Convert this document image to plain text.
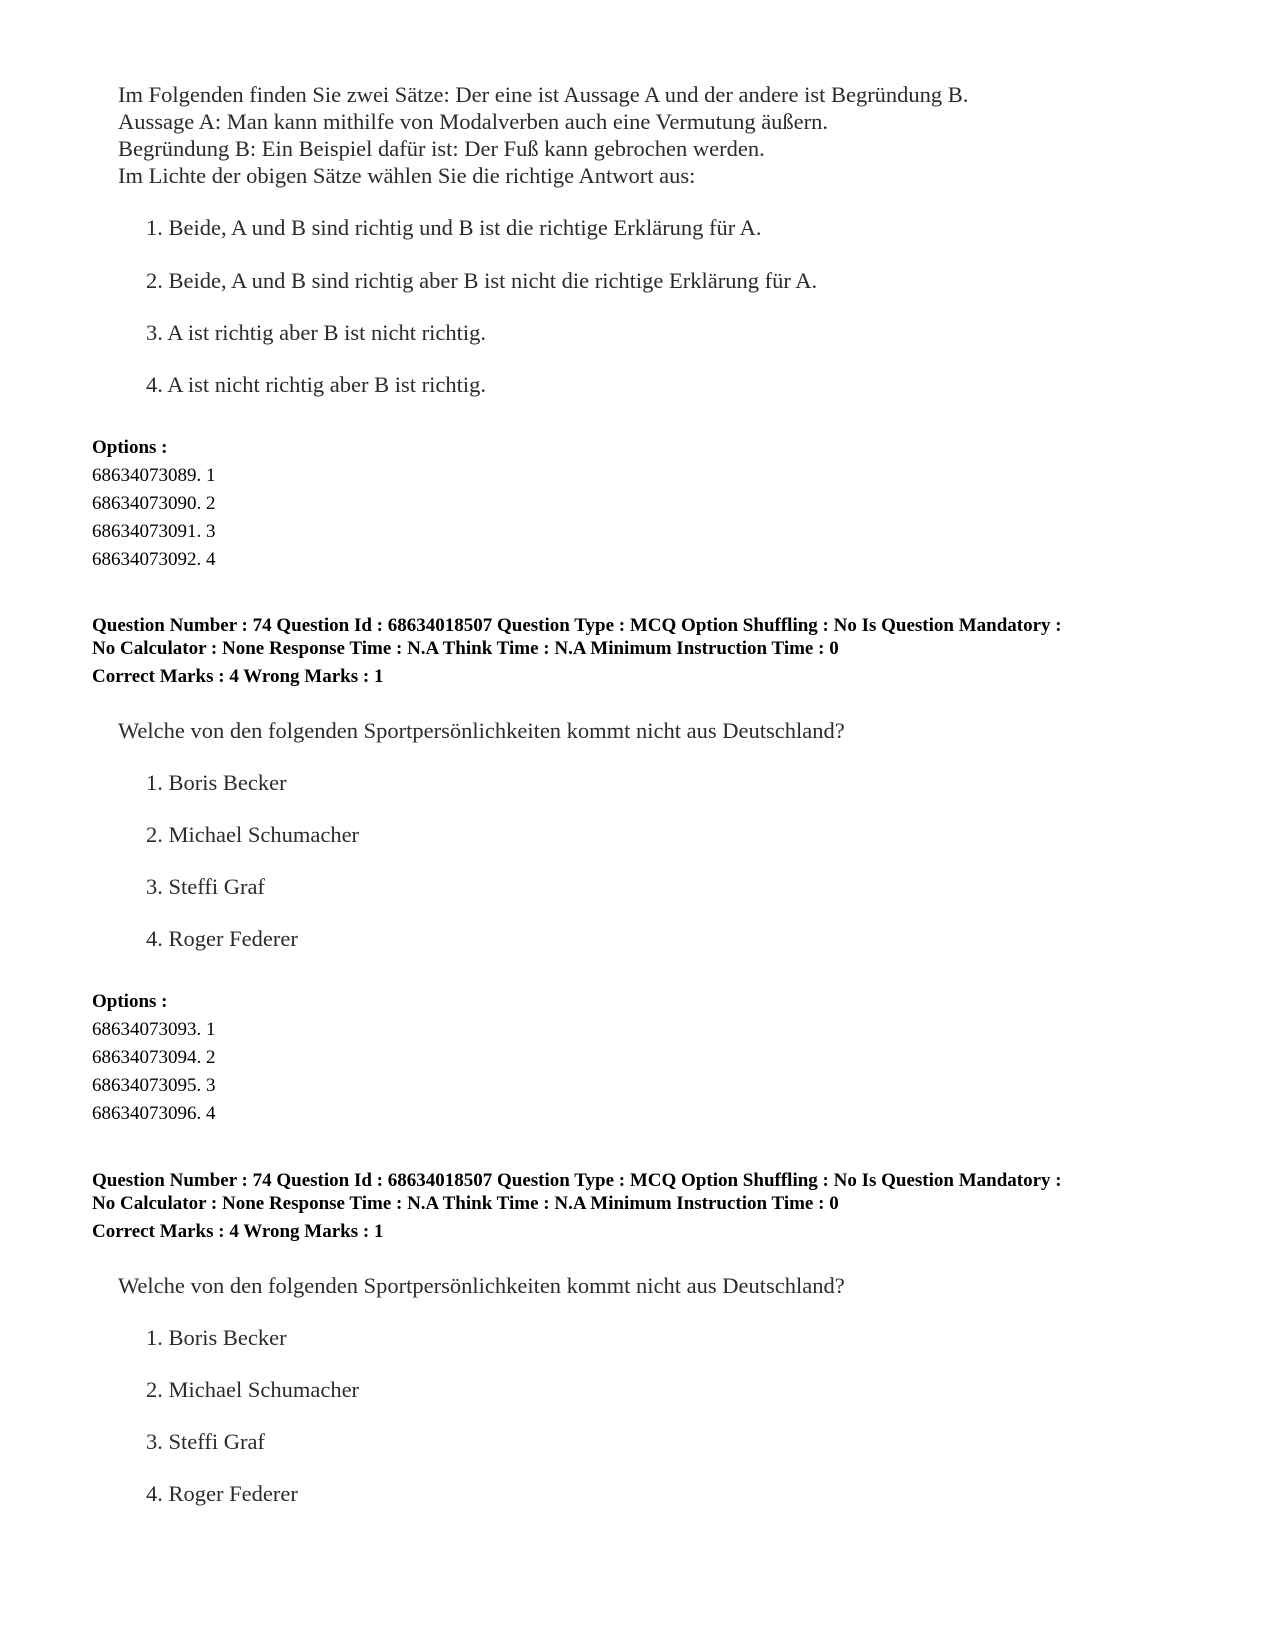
Im Folgenden finden Sie zwei Sätze: Der eine ist Aussage A und der andere ist Begründung B.
Aussage A: Man kann mithilfe von Modalverben auch eine Vermutung äußern.
Begründung B: Ein Beispiel dafür ist: Der Fuß kann gebrochen werden.
Im Lichte der obigen Sätze wählen Sie die richtige Antwort aus:
1. Beide, A und B sind richtig und B ist die richtige Erklärung für A.
2. Beide, A und B sind richtig aber B ist nicht die richtige Erklärung für A.
3. A ist richtig aber B ist nicht richtig.
4. A ist nicht richtig aber B ist richtig.
Options :
68634073089. 1
68634073090. 2
68634073091. 3
68634073092. 4
Question Number : 74 Question Id : 68634018507 Question Type : MCQ Option Shuffling : No Is Question Mandatory :
No Calculator : None Response Time : N.A Think Time : N.A Minimum Instruction Time : 0
Correct Marks : 4 Wrong Marks : 1
Welche von den folgenden Sportpersönlichkeiten kommt nicht aus Deutschland?
1. Boris Becker
2. Michael Schumacher
3. Steffi Graf
4. Roger Federer
Options :
68634073093. 1
68634073094. 2
68634073095. 3
68634073096. 4
Question Number : 74 Question Id : 68634018507 Question Type : MCQ Option Shuffling : No Is Question Mandatory :
No Calculator : None Response Time : N.A Think Time : N.A Minimum Instruction Time : 0
Correct Marks : 4 Wrong Marks : 1
Welche von den folgenden Sportpersönlichkeiten kommt nicht aus Deutschland?
1. Boris Becker
2. Michael Schumacher
3. Steffi Graf
4. Roger Federer
